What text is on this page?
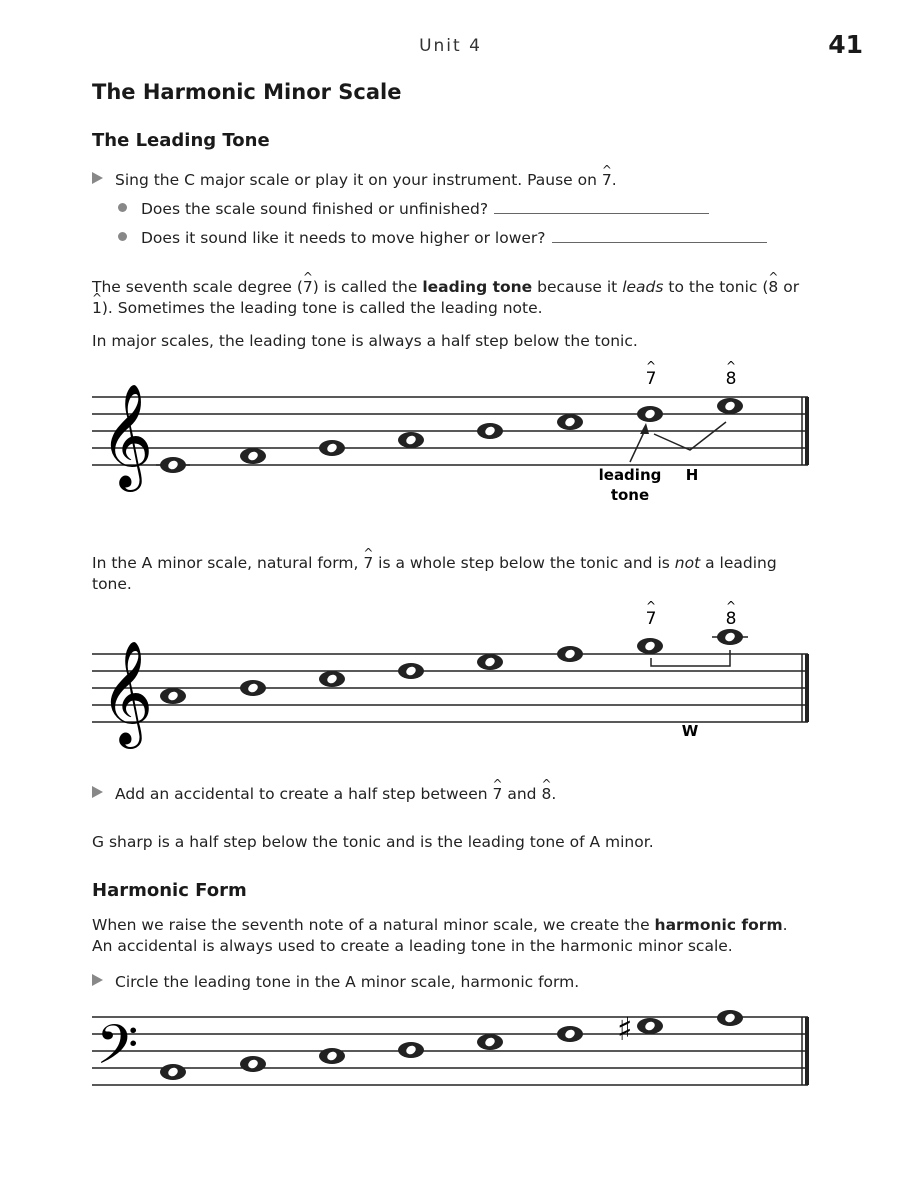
Unit 4	41
The Harmonic Minor Scale
The Leading Tone
Sing the C major scale or play it on your instrument. Pause on ^ 7.
Does the scale sound finished or unfinished?
Does it sound like it needs to move higher or lower?
The seventh scale degree (^ 7) is called the leading tone because it leads to the tonic (^ 8 or ^ 1). Sometimes the leading tone is called the leading note.
In major scales, the leading tone is always a half step below the tonic.
𝄞
7
^
8
^
leading
tone
H
In the A minor scale, natural form, ^ 7 is a whole step below the tonic and is not a leading tone.
𝄞
7
^
8
^
W
Add an accidental to create a half step between ^ 7 and ^ 8.
G sharp is a half step below the tonic and is the leading tone of A minor.
Harmonic Form
When we raise the seventh note of a natural minor scale, we create the harmonic form.
An accidental is always used to create a leading tone in the harmonic minor scale.
Circle the leading tone in the A minor scale, harmonic form.
𝄢	♯
